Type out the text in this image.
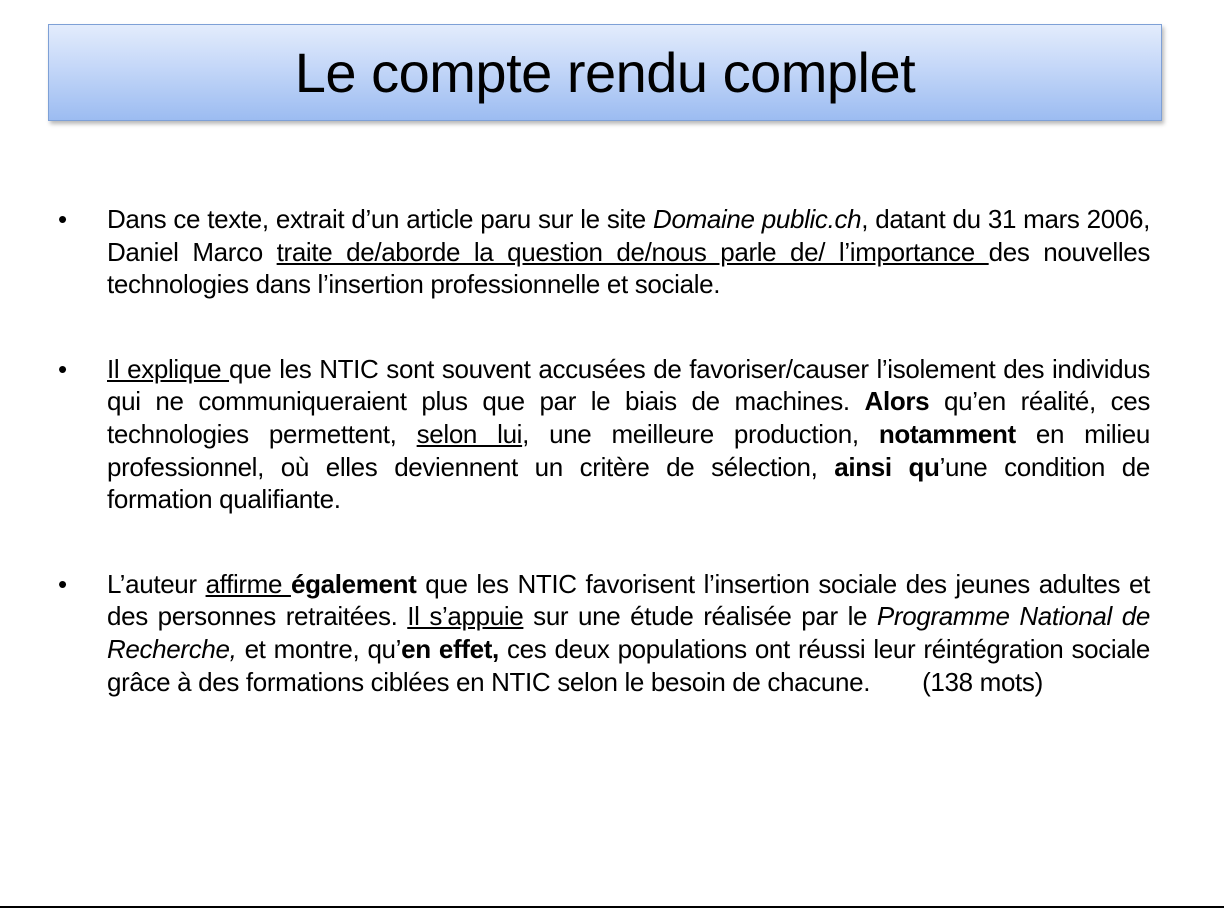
Le compte rendu complet
•	Dans ce texte, extrait d’un article paru sur le site Domaine public.ch, datant du 31 mars 2006, Daniel Marco traite de/aborde la question de/nous parle de/ l’importance des nouvelles technologies dans l’insertion professionnelle et sociale.
•	Il explique que les NTIC sont souvent accusées de favoriser/causer l’isolement des individus qui ne communiqueraient plus que par le biais de machines. Alors qu’en réalité, ces technologies permettent, selon lui, une meilleure production, notamment en milieu professionnel, où elles deviennent un critère de sélection, ainsi qu’une condition de formation qualifiante.
•	L’auteur affirme également que les NTIC favorisent l’insertion sociale des jeunes adultes et des personnes retraitées. Il s’appuie sur une étude réalisée par le Programme National de Recherche, et montre, qu’en effet, ces deux populations ont réussi leur réintégration sociale grâce à des formations ciblées en NTIC selon le besoin de chacune. (138 mots)
